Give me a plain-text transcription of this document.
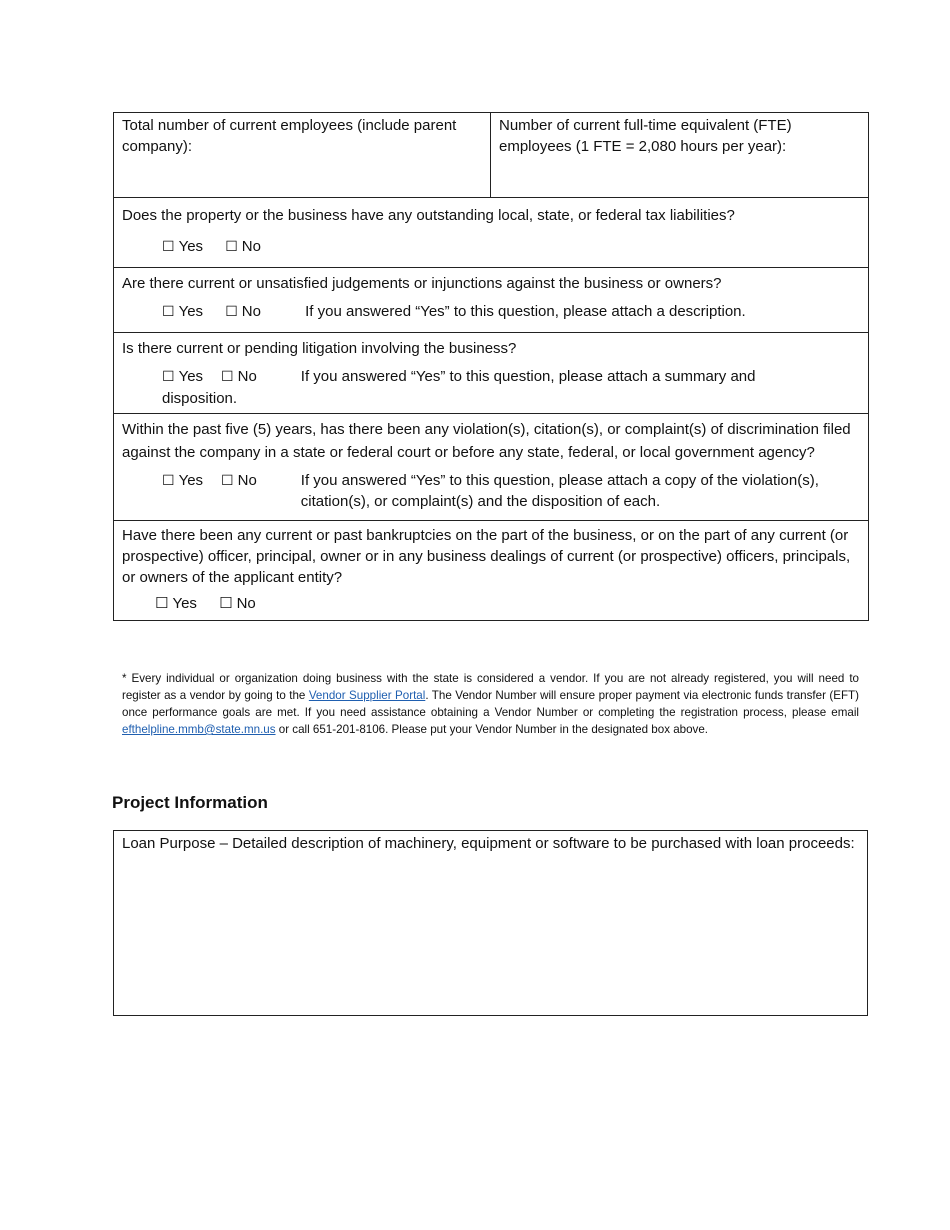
Total number of current employees (include parent company):	Number of current full-time equivalent (FTE) employees (1 FTE = 2,080 hours per year):

Does the property or the business have any outstanding local, state, or federal tax liabilities?
☐ Yes ☐ No

Are there current or unsatisfied judgements or injunctions against the business or owners?
☐ Yes ☐ No	If you answered “Yes” to this question, please attach a description.

Is there current or pending litigation involving the business?
☐ Yes ☐ No	If you answered “Yes” to this question, please attach a summary and disposition.

Within the past five (5) years, has there been any violation(s), citation(s), or complaint(s) of discrimination filed against the company in a state or federal court or before any state, federal, or local government agency?
☐ Yes ☐ No	If you answered “Yes” to this question, please attach a copy of the violation(s), citation(s), or complaint(s) and the disposition of each.

Have there been any current or past bankruptcies on the part of the business, or on the part of any current (or prospective) officer, principal, owner or in any business dealings of current (or prospective) officers, principals, or owners of the applicant entity?
☐ Yes ☐ No
* Every individual or organization doing business with the state is considered a vendor. If you are not already registered, you will need to register as a vendor by going to the Vendor Supplier Portal. The Vendor Number will ensure proper payment via electronic funds transfer (EFT) once performance goals are met. If you need assistance obtaining a Vendor Number or completing the registration process, please email efthelpline.mmb@state.mn.us or call 651-201-8106. Please put your Vendor Number in the designated box above.
Project Information
Loan Purpose – Detailed description of machinery, equipment or software to be purchased with loan proceeds:
